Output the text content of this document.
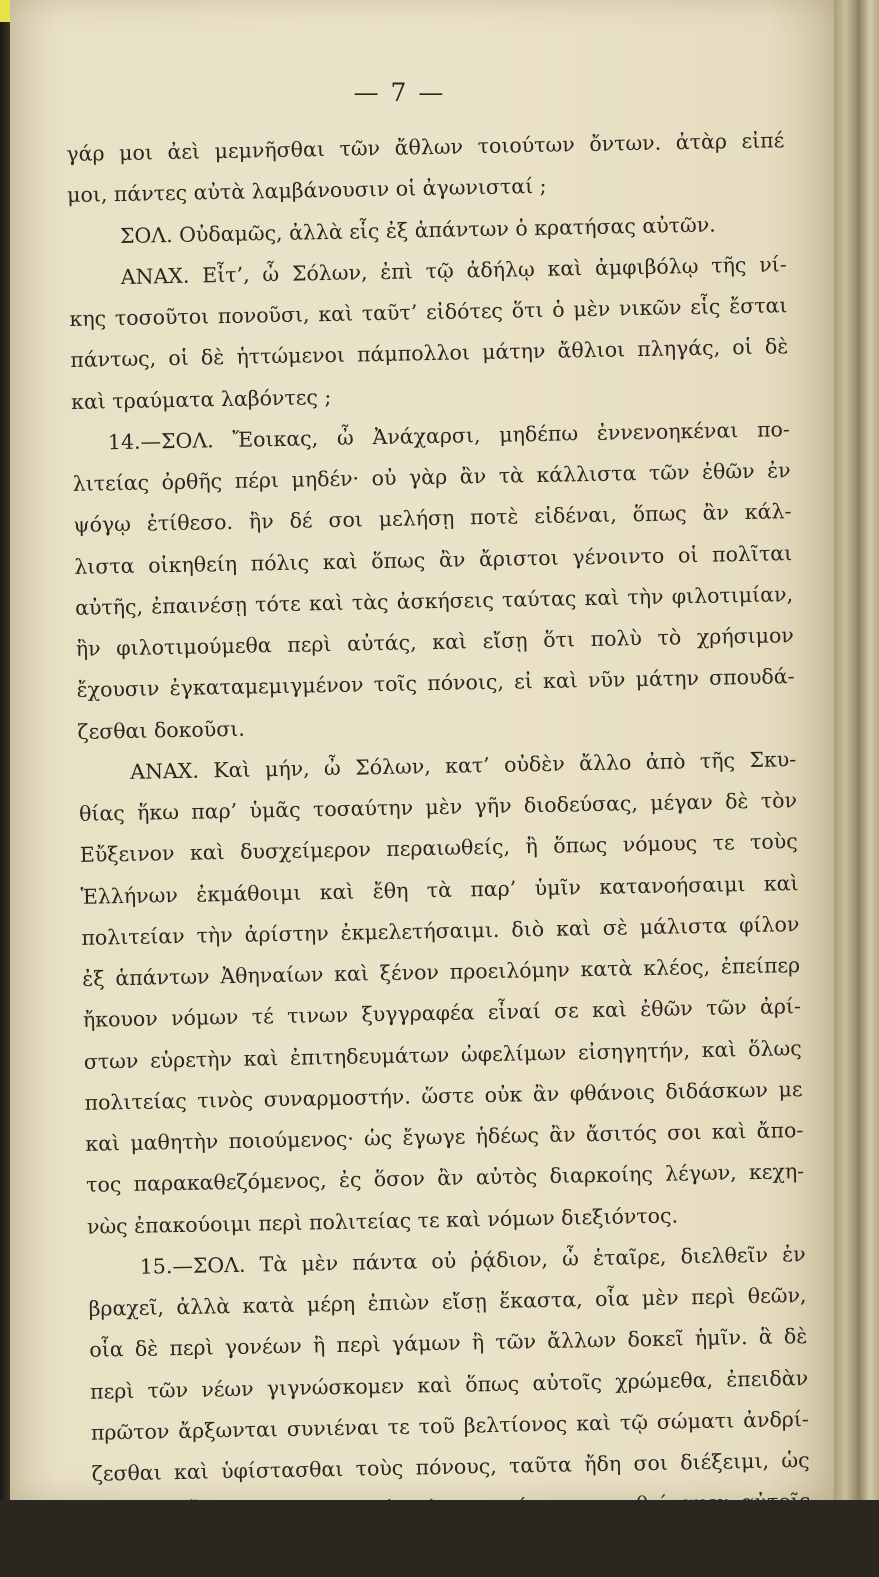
— 7 —
γάρ μοι ἀεὶ μεμνῆσθαι τῶν ἄθλων τοιούτων ὄντων. ἀτὰρ εἰπέ
μοι, πάντες αὐτὰ λαμβάνουσιν οἱ ἀγωνισταί ;
ΣΟΛ. Οὐδαμῶς, ἀλλὰ εἷς ἐξ ἁπάντων ὁ κρατήσας αὐτῶν.
ΑΝΑΧ. Εἶτ’, ὦ Σόλων, ἐπὶ τῷ ἀδήλῳ καὶ ἀμφιβόλῳ τῆς νί-
κης τοσοῦτοι πονοῦσι, καὶ ταῦτ’ εἰδότες ὅτι ὁ μὲν νικῶν εἷς ἔσται
πάντως, οἱ δὲ ἡττώμενοι πάμπολλοι μάτην ἄθλιοι πληγάς, οἱ δὲ
καὶ τραύματα λαβόντες ;
14.—ΣΟΛ. Ἔοικας, ὦ Ἀνάχαρσι, μηδέπω ἐννενοηκέναι πο-
λιτείας ὀρθῆς πέρι μηδέν· οὐ γὰρ ἂν τὰ κάλλιστα τῶν ἐθῶν ἐν
ψόγῳ ἐτίθεσο. ἢν δέ σοι μελήσῃ ποτὲ εἰδέναι, ὅπως ἂν κάλ-
λιστα οἰκηθείη πόλις καὶ ὅπως ἂν ἄριστοι γένοιντο οἱ πολῖται
αὐτῆς, ἐπαινέσῃ τότε καὶ τὰς ἀσκήσεις ταύτας καὶ τὴν φιλοτιμίαν,
ἣν φιλοτιμούμεθα περὶ αὐτάς, καὶ εἴσῃ ὅτι πολὺ τὸ χρήσιμον
ἔχουσιν ἐγκαταμεμιγμένον τοῖς πόνοις, εἰ καὶ νῦν μάτην σπουδά-
ζεσθαι δοκοῦσι.
ΑΝΑΧ. Καὶ μήν, ὦ Σόλων, κατ’ οὐδὲν ἄλλο ἀπὸ τῆς Σκυ-
θίας ἥκω παρ’ ὑμᾶς τοσαύτην μὲν γῆν διοδεύσας, μέγαν δὲ τὸν
Εὔξεινον καὶ δυσχείμερον περαιωθείς, ἢ ὅπως νόμους τε τοὺς
Ἑλλήνων ἐκμάθοιμι καὶ ἔθη τὰ παρ’ ὑμῖν κατανοήσαιμι καὶ
πολιτείαν τὴν ἀρίστην ἐκμελετήσαιμι. διὸ καὶ σὲ μάλιστα φίλον
ἐξ ἁπάντων Ἀθηναίων καὶ ξένον προειλόμην κατὰ κλέος, ἐπείπερ
ἤκουον νόμων τέ τινων ξυγγραφέα εἶναί σε καὶ ἐθῶν τῶν ἀρί-
στων εὑρετὴν καὶ ἐπιτηδευμάτων ὠφελίμων εἰσηγητήν, καὶ ὅλως
πολιτείας τινὸς συναρμοστήν. ὥστε οὐκ ἂν φθάνοις διδάσκων με
καὶ μαθητὴν ποιούμενος· ὡς ἔγωγε ἡδέως ἂν ἄσιτός σοι καὶ ἄπο-
τος παρακαθεζόμενος, ἐς ὅσον ἂν αὐτὸς διαρκοίης λέγων, κεχη-
νὼς ἐπακούοιμι περὶ πολιτείας τε καὶ νόμων διεξιόντος.
15.—ΣΟΛ. Τὰ μὲν πάντα οὐ ῥᾴδιον, ὦ ἑταῖρε, διελθεῖν ἐν
βραχεῖ, ἀλλὰ κατὰ μέρη ἐπιὼν εἴσῃ ἕκαστα, οἷα μὲν περὶ θεῶν,
οἷα δὲ περὶ γονέων ἢ περὶ γάμων ἢ τῶν ἄλλων δοκεῖ ἡμῖν. ἃ δὲ
περὶ τῶν νέων γιγνώσκομεν καὶ ὅπως αὐτοῖς χρώμεθα, ἐπειδὰν
πρῶτον ἄρξωνται συνιέναι τε τοῦ βελτίονος καὶ τῷ σώματι ἀνδρί-
ζεσθαι καὶ ὑφίστασθαι τοὺς πόνους, ταῦτα ἤδη σοι διέξειμι, ὡς
μάθοις οὗτινος χάριν τὰς ἀσκήσεις ταύτας προτεθείκαμεν αὐτοῖς
καὶ διαπονεῖν τὸ σῶμα καταναγκάζομεν, οὐ μόνον ἕνεκα τῶν
